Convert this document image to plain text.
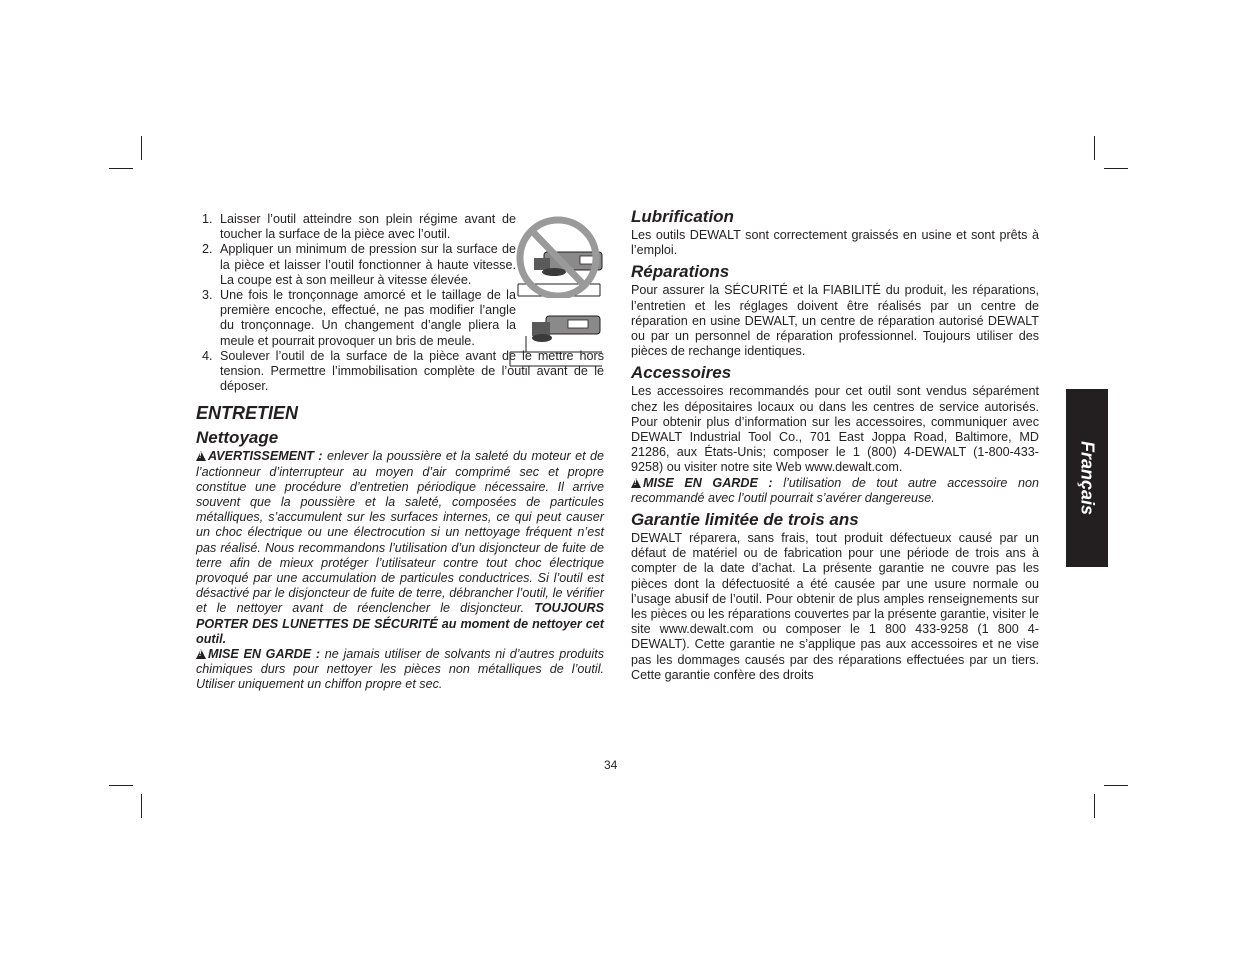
1. Laisser l’outil atteindre son plein régime avant de toucher la surface de la pièce avec l’outil.
2. Appliquer un minimum de pression sur la surface de la pièce et laisser l’outil fonctionner à haute vitesse. La coupe est à son meilleur à vitesse élevée.
3. Une fois le tronçonnage amorcé et le taillage de la première encoche, effectué, ne pas modifier l’angle du tronçonnage. Un changement d’angle pliera la meule et pourrait provoquer un bris de meule.
4. Soulever l’outil de la surface de la pièce avant de le mettre hors tension. Permettre l’immobilisation complète de l’outil avant de le déposer.
ENTRETIEN
Nettoyage

!AVERTISSEMENT : enlever la poussière et la saleté du moteur et de l’actionneur d’interrupteur au moyen d’air comprimé sec et propre constitue une procédure d’entretien périodique nécessaire. Il arrive souvent que la poussière et la saleté, composées de particules métalliques, s’accumulent sur les surfaces internes, ce qui peut causer un choc électrique ou une électrocution si un nettoyage fréquent n’est pas réalisé. Nous recommandons l’utilisation d’un disjoncteur de fuite de terre afin de mieux protéger l’utilisateur contre tout choc électrique provoqué par une accumulation de particules conductrices. Si l’outil est désactivé par le disjoncteur de fuite de terre, débrancher l’outil, le vérifier et le nettoyer avant de réenclencher le disjoncteur. TOUJOURS PORTER DES LUNETTES DE SÉCURITÉ au moment de nettoyer cet outil.

!MISE EN GARDE : ne jamais utiliser de solvants ni d’autres produits chimiques durs pour nettoyer les pièces non métalliques de l’outil. Utiliser uniquement un chiffon propre et sec.

Lubrification

Les outils DEWALT sont correctement graissés en usine et sont prêts à l’emploi.

Réparations

Pour assurer la SÉCURITÉ et la FIABILITÉ du produit, les réparations, l’entretien et les réglages doivent être réalisés par un centre de réparation en usine DEWALT, un centre de réparation autorisé DEWALT ou par un personnel de réparation professionnel. Toujours utiliser des pièces de rechange identiques.

Accessoires

Les accessoires recommandés pour cet outil sont vendus séparément chez les dépositaires locaux ou dans les centres de service autorisés. Pour obtenir plus d’information sur les accessoires, communiquer avec DEWALT Industrial Tool Co., 701 East Joppa Road, Baltimore, MD 21286, aux États-Unis; composer le 1 (800) 4-DEWALT (1-800-433-9258) ou visiter notre site Web www.dewalt.com.

!MISE EN GARDE : l’utilisation de tout autre accessoire non recommandé avec l’outil pourrait s’avérer dangereuse.

Garantie limitée de trois ans

DEWALT réparera, sans frais, tout produit défectueux causé par un défaut de matériel ou de fabrication pour une période de trois ans à compter de la date d’achat. La présente garantie ne couvre pas les pièces dont la défectuosité a été causée par une usure normale ou l’usage abusif de l’outil. Pour obtenir de plus amples renseignements sur les pièces ou les réparations couvertes par la présente garantie, visiter le site www.dewalt.com ou composer le 1 800 433-9258 (1 800 4-DEWALT). Cette garantie ne s’applique pas aux accessoires et ne vise pas les dommages causés par des réparations effectuées par un tiers. Cette garantie confère des droits

Français
34
